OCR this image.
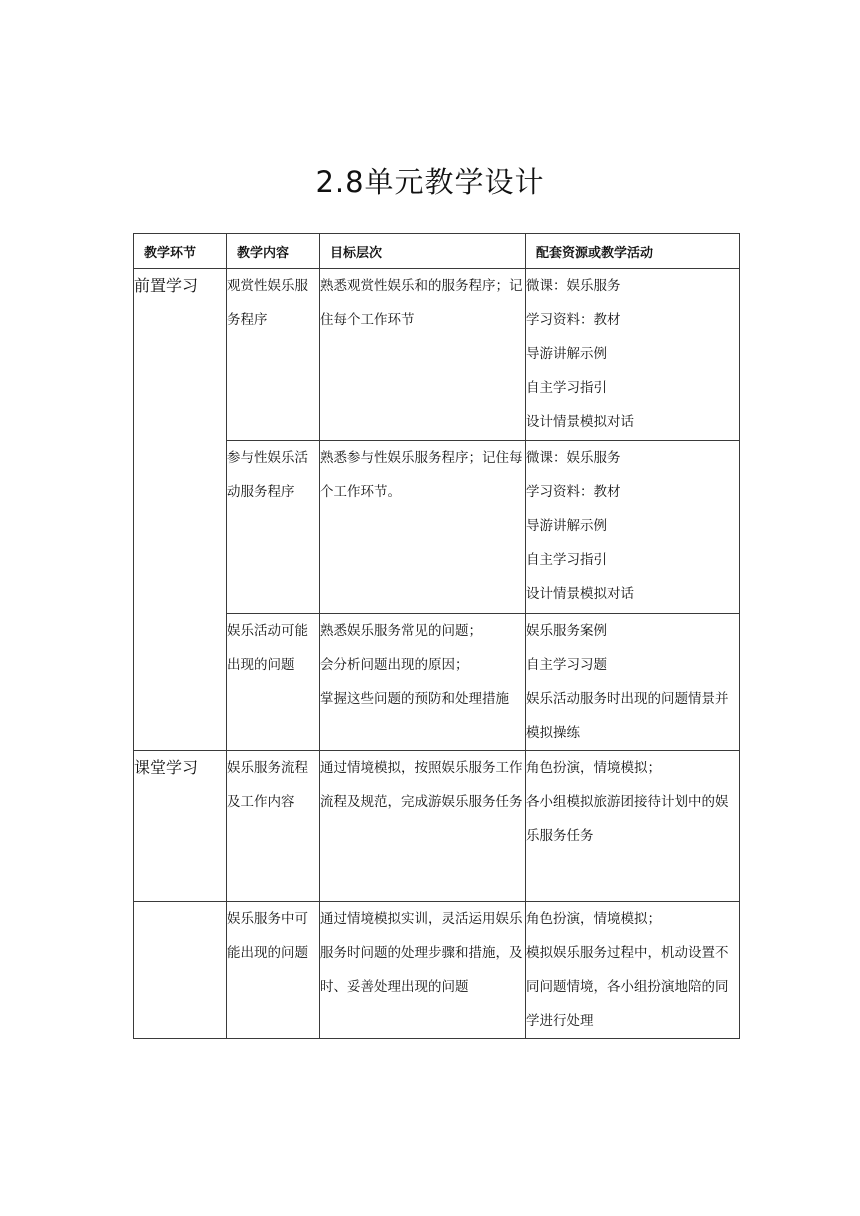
2.8单元教学设计
教学环节	教学内容	目标层次	配套资源或教学活动
前置学习	观赏性娱乐服务程序	熟悉观赏性娱乐和的服务程序；记住每个工作环节	微课：娱乐服务
学习资料：教材
导游讲解示例
自主学习指引
设计情景模拟对话

	参与性娱乐活动服务程序	熟悉参与性娱乐服务程序；记住每个工作环节。	微课：娱乐服务
学习资料：教材
导游讲解示例
自主学习指引
设计情景模拟对话

	娱乐活动可能出现的问题	熟悉娱乐服务常见的问题；
会分析问题出现的原因；
掌握这些问题的预防和处理措施	娱乐服务案例
自主学习习题
娱乐活动服务时出现的问题情景并模拟操练

课堂学习	娱乐服务流程及工作内容	通过情境模拟，按照娱乐服务工作流程及规范，完成游娱乐服务任务	角色扮演，情境模拟；
各小组模拟旅游团接待计划中的娱乐服务任务

	娱乐服务中可能出现的问题	通过情境模拟实训，灵活运用娱乐服务时问题的处理步骤和措施，及时、妥善处理出现的问题	角色扮演，情境模拟；
模拟娱乐服务过程中，机动设置不同问题情境，各小组扮演地陪的同学进行处理
